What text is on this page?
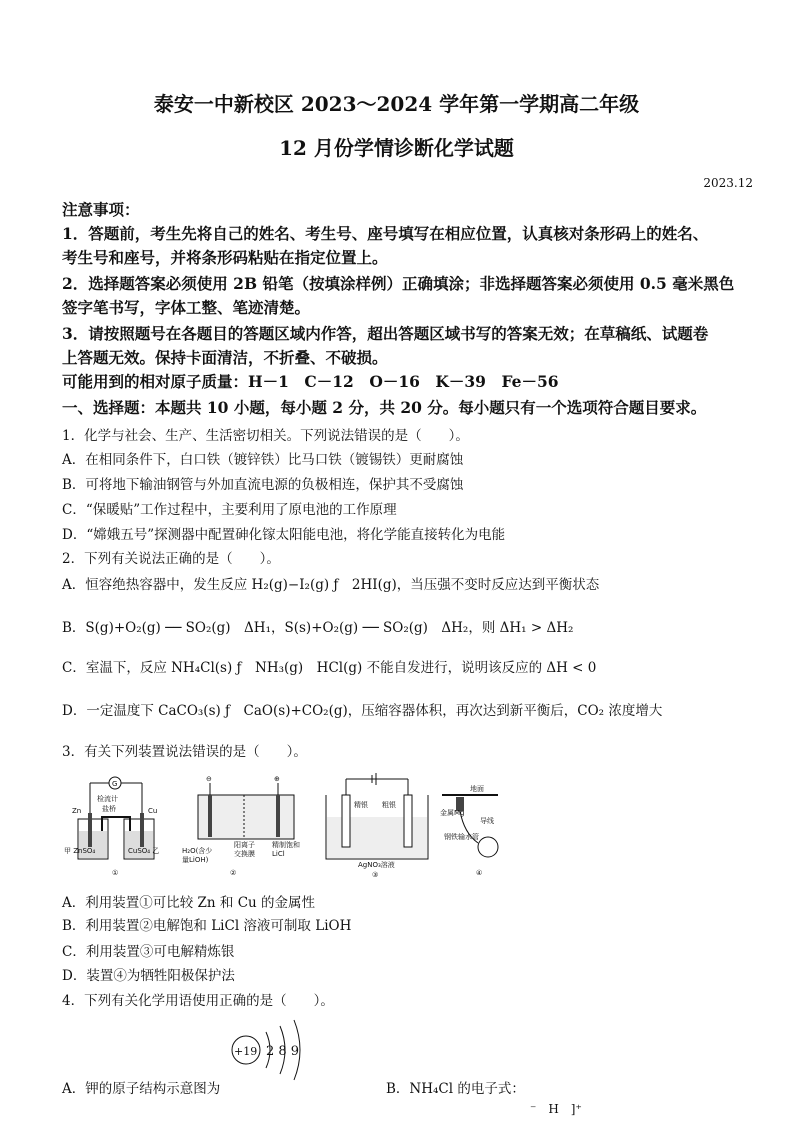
泰安一中新校区 2023～2024 学年第一学期高二年级
12 月份学情诊断化学试题
2023.12
注意事项：
1．答题前，考生先将自己的姓名、考生号、座号填写在相应位置，认真核对条形码上的姓名、
考生号和座号，并将条形码粘贴在指定位置上。
2．选择题答案必须使用 2B 铅笔（按填涂样例）正确填涂；非选择题答案必须使用 0.5 毫米黑色
签字笔书写，字体工整、笔迹清楚。
3．请按照题号在各题目的答题区域内作答，超出答题区域书写的答案无效；在草稿纸、试题卷
上答题无效。保持卡面清洁，不折叠、不破损。
可能用到的相对原子质量：H－1　C－12　O－16　K－39　Fe－56
一、选择题：本题共 10 小题，每小题 2 分，共 20 分。每小题只有一个选项符合题目要求。
1．化学与社会、生产、生活密切相关。下列说法错误的是（　　）。
A．在相同条件下，白口铁（镀锌铁）比马口铁（镀锡铁）更耐腐蚀
B．可将地下输油钢管与外加直流电源的负极相连，保护其不受腐蚀
C．“保暖贴”工作过程中，主要利用了原电池的工作原理
D．“嫦娥五号”探测器中配置砷化镓太阳能电池，将化学能直接转化为电能
2．下列有关说法正确的是（　　）。
A．恒容绝热容器中，发生反应 H₂(g)−I₂(g) ƒ　2HI(g)，当压强不变时反应达到平衡状态
B．S(g)+O₂(g) ── SO₂(g)　ΔH₁，S(s)+O₂(g) ── SO₂(g)　ΔH₂，则 ΔH₁ > ΔH₂
C．室温下，反应 NH₄Cl(s) ƒ　NH₃(g)　HCl(g) 不能自发进行，说明该反应的 ΔH < 0
D．一定温度下 CaCO₃(s) ƒ　CaO(s)+CO₂(g)，压缩容器体积，再次达到新平衡后，CO₂ 浓度增大
3．有关下列装置说法错误的是（　　）。
G
检流计
盐桥
Zn	Cu
甲 ZnSO₄	CuSO₄ 乙
①
⊖	⊕
H₂O(含少
量LiOH)
阳离子
交换膜
精制饱和
LiCl
②
精银 粗银
AgNO₃溶液
③
地面
金属Mg
导线
钢铁输水管
④
A．利用装置①可比较 Zn 和 Cu 的金属性
B．利用装置②电解饱和 LiCl 溶液可制取 LiOH
C．利用装置③可电解精炼银
D．装置④为牺牲阳极保护法
4．下列有关化学用语使用正确的是（　　）。
+19 2 8 9
A．钾的原子结构示意图为	B．NH₄Cl 的电子式：
⁻　H　]⁺
